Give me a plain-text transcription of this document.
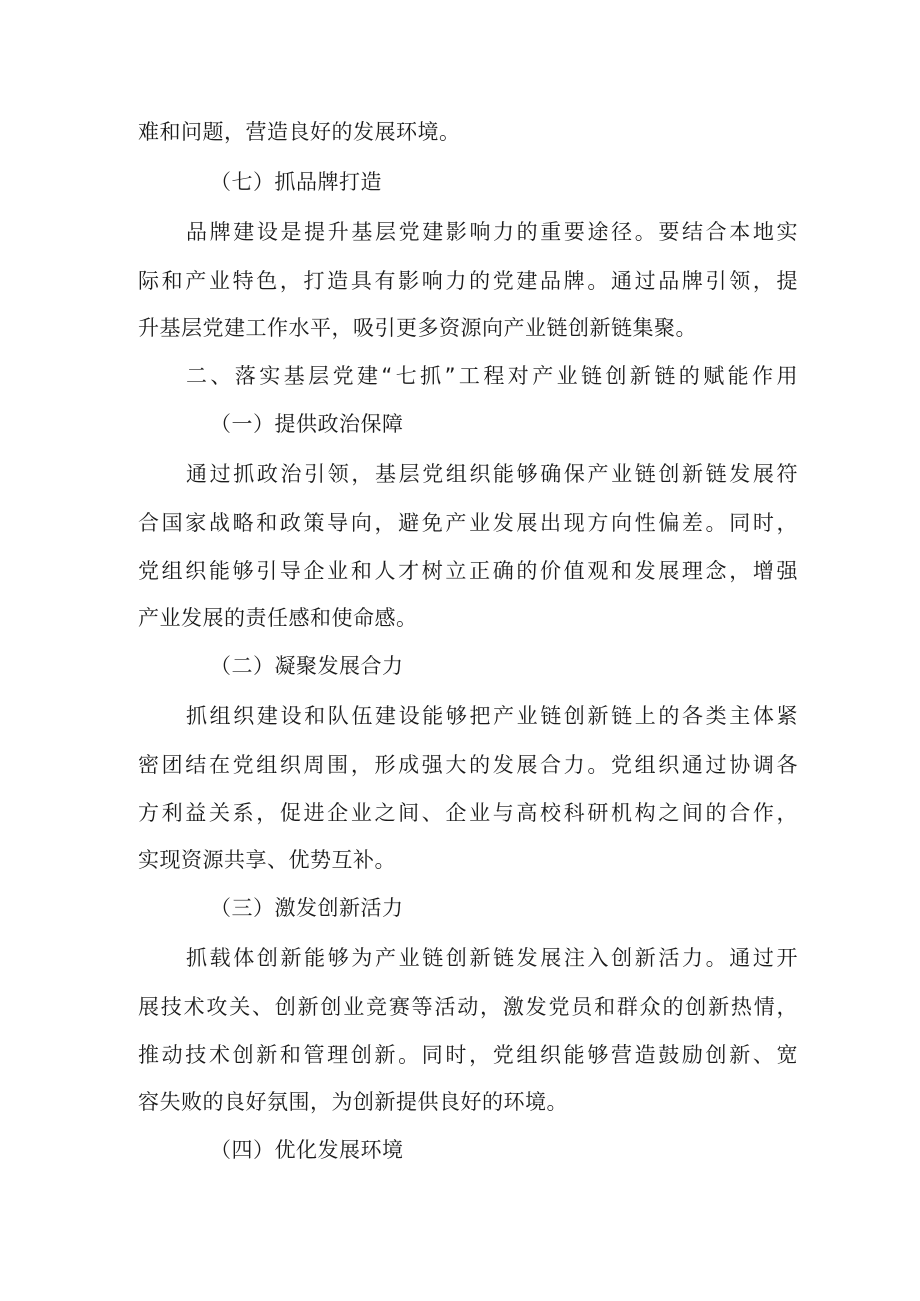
难和问题，营造良好的发展环境。
（七）抓品牌打造
品牌建设是提升基层党建影响力的重要途径。要结合本地实
际和产业特色，打造具有影响力的党建品牌。通过品牌引领，提
升基层党建工作水平，吸引更多资源向产业链创新链集聚。
二、落实基层党建“七抓”工程对产业链创新链的赋能作用
（一）提供政治保障
通过抓政治引领，基层党组织能够确保产业链创新链发展符
合国家战略和政策导向，避免产业发展出现方向性偏差。同时，
党组织能够引导企业和人才树立正确的价值观和发展理念，增强
产业发展的责任感和使命感。
（二）凝聚发展合力
抓组织建设和队伍建设能够把产业链创新链上的各类主体紧
密团结在党组织周围，形成强大的发展合力。党组织通过协调各
方利益关系，促进企业之间、企业与高校科研机构之间的合作，
实现资源共享、优势互补。
（三）激发创新活力
抓载体创新能够为产业链创新链发展注入创新活力。通过开
展技术攻关、创新创业竞赛等活动，激发党员和群众的创新热情，
推动技术创新和管理创新。同时，党组织能够营造鼓励创新、宽
容失败的良好氛围，为创新提供良好的环境。
（四）优化发展环境
